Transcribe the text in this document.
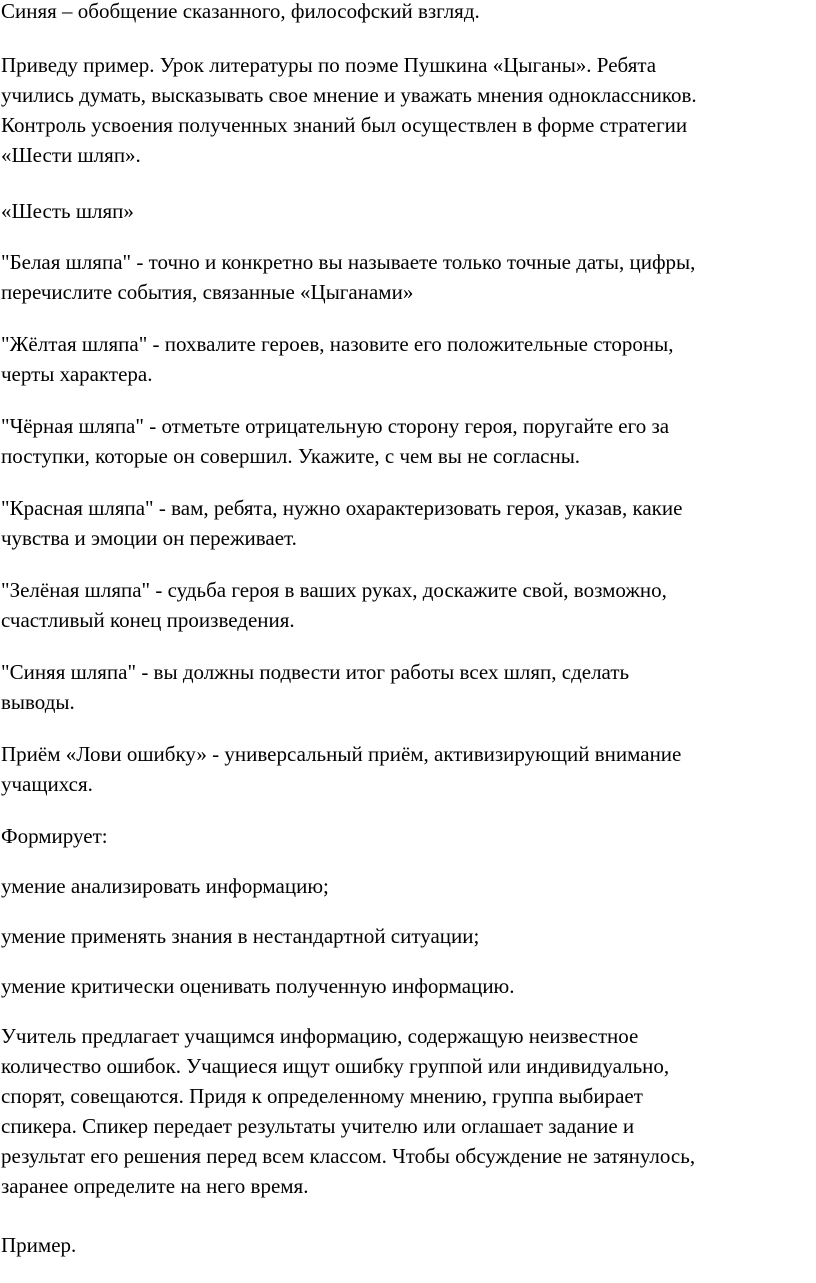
Синяя – обобщение сказанного, философский взгляд.

Приведу пример. Урок литературы по поэме Пушкина «Цыганы». Ребята
учились думать, высказывать свое мнение и уважать мнения одноклассников.
Контроль усвоения полученных знаний был осуществлен в форме стратегии
«Шести шляп».

«Шесть шляп»

"Белая шляпа" - точно и конкретно вы называете только точные даты, цифры,
перечислите события, связанные «Цыганами»

"Жёлтая шляпа" - похвалите героев, назовите его положительные стороны,
черты характера.

"Чёрная шляпа" - отметьте отрицательную сторону героя, поругайте его за
поступки, которые он совершил. Укажите, с чем вы не согласны.

"Красная шляпа" - вам, ребята, нужно охарактеризовать героя, указав, какие
чувства и эмоции он переживает.

"Зелёная шляпа" - судьба героя в ваших руках, доскажите свой, возможно,
счастливый конец произведения.

"Синяя шляпа" - вы должны подвести итог работы всех шляп, сделать
выводы.

Приём «Лови ошибку» - универсальный приём, активизирующий внимание
учащихся.

Формирует:

умение анализировать информацию;

умение применять знания в нестандартной ситуации;

умение критически оценивать полученную информацию.

Учитель предлагает учащимся информацию, содержащую неизвестное
количество ошибок. Учащиеся ищут ошибку группой или индивидуально,
спорят, совещаются. Придя к определенному мнению, группа выбирает
спикера. Спикер передает результаты учителю или оглашает задание и
результат его решения перед всем классом. Чтобы обсуждение не затянулось,
заранее определите на него время.

Пример.
